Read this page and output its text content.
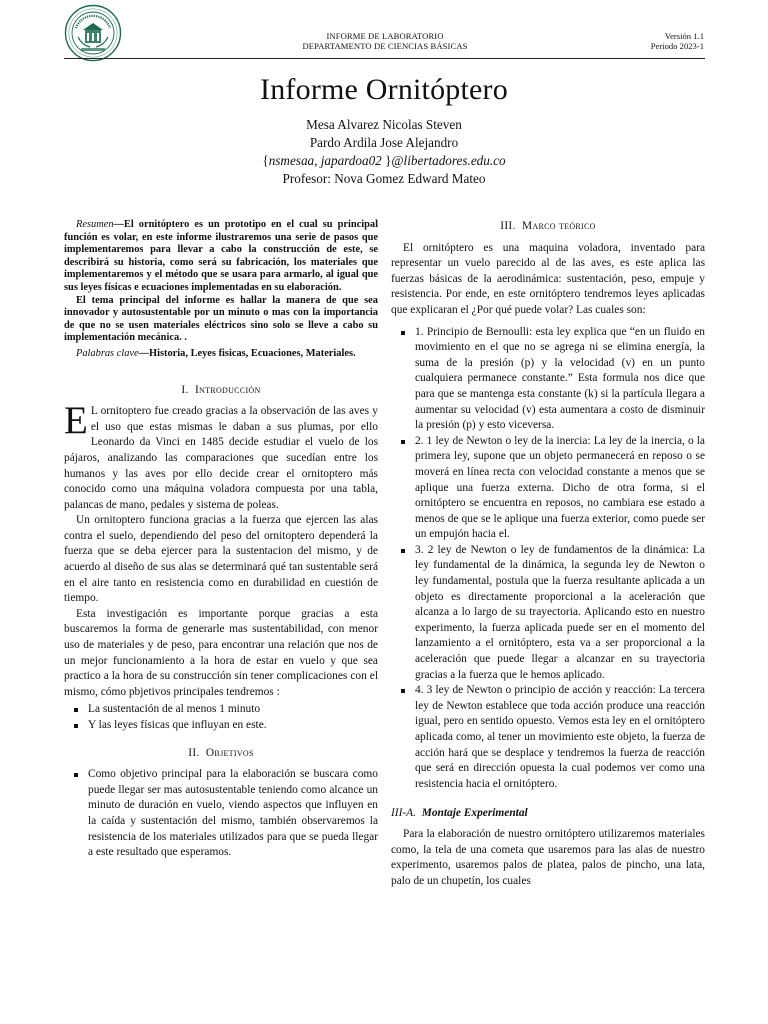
INFORME DE LABORATORIO
DEPARTAMENTO DE CIENCIAS BÁSICAS
Versión 1.1
Periodo 2023-1
Informe Ornitóptero
Mesa Alvarez Nicolas Steven
Pardo Ardila Jose Alejandro
{nsmesaa, japardoa02 }@libertadores.edu.co
Profesor: Nova Gomez Edward Mateo

Resumen—El ornitóptero es un prototipo en el cual su principal función es volar, en este informe ilustraremos una serie de pasos que implementaremos para llevar a cabo la construcción de este, se describirá su historia, como será su fabricación, los materiales que implementaremos y el método que se usara para armarlo, al igual que sus leyes físicas e ecuaciones implementadas en su elaboración.

El tema principal del informe es hallar la manera de que sea innovador y autosustentable por un minuto o mas con la importancia de que no se usen materiales eléctricos sino solo se lleve a cabo su implementación mecánica. .

Palabras clave—Historia, Leyes fisicas, Ecuaciones, Materiales.

I. Introducción

E L ornitoptero fue creado gracias a la observación de las aves y el uso que estas mismas le daban a sus plumas, por ello Leonardo da Vinci en 1485 decide estudiar el vuelo de los pájaros, analizando las comparaciones que sucedían entre los humanos y las aves por ello decide crear el ornitoptero más conocido como una máquina voladora compuesta por una tabla, palancas de mano, pedales y sistema de poleas.

Un ornitoptero funciona gracias a la fuerza que ejercen las alas contra el suelo, dependiendo del peso del ornitoptero dependerá la fuerza que se deba ejercer para la sustentacion del mismo, y de acuerdo al diseño de sus alas se determinará qué tan sustentable será en el aire tanto en resistencia como en durabilidad en cuestión de tiempo.

Esta investigación es importante porque gracias a esta buscaremos la forma de generarle mas sustentabilidad, con menor uso de materiales y de peso, para encontrar una relación que nos de un mejor funcionamiento a la hora de estar en vuelo y que sea practico a la hora de su construcción sin tener complicaciones con el mismo, cómo pbjetivos principales tendremos :

La sustentación de al menos 1 minuto
Y las leyes físicas que influyan en este.
II. Objetivos
Como objetivo principal para la elaboración se buscara como puede llegar ser mas autosustentable teniendo como alcance un minuto de duración en vuelo, viendo aspectos que influyen en la caída y sustentación del mismo, también observaremos la resistencia de los materiales utilizados para que se pueda llegar a este resultado que esperamos.
III. Marco teórico

El ornitóptero es una maquina voladora, inventado para representar un vuelo parecido al de las aves, es este aplica las fuerzas básicas de la aerodinámica: sustentación, peso, empuje y resistencia. Por ende, en este ornitóptero tendremos leyes aplicadas que explicaran el ¿Por qué puede volar? Las cuales son:

1. Principio de Bernoulli: esta ley explica que “en un fluido en movimiento en el que no se agrega ni se elimina energía, la suma de la presión (p) y la velocidad (v) en un punto cualquiera permanece constante.” Esta formula nos dice que para que se mantenga esta constante (k) si la partícula llegara a aumentar su velocidad (v) esta aumentara a costo de disminuir la presión (p) y esto viceversa.
2. 1 ley de Newton o ley de la inercia: La ley de la inercia, o la primera ley, supone que un objeto permanecerá en reposo o se moverá en línea recta con velocidad constante a menos que se aplique una fuerza externa. Dicho de otra forma, si el ornitóptero se encuentra en reposos, no cambiara ese estado a menos de que se le aplique una fuerza exterior, como puede ser un empujón hacia el.
3. 2 ley de Newton o ley de fundamentos de la dinámica: La ley fundamental de la dinámica, la segunda ley de Newton o ley fundamental, postula que la fuerza resultante aplicada a un objeto es directamente proporcional a la aceleración que alcanza a lo largo de su trayectoria. Aplicando esto en nuestro experimento, la fuerza aplicada puede ser en el momento del lanzamiento a el ornitóptero, esta va a ser proporcional a la aceleración que puede llegar a alcanzar en su trayectoria gracias a la fuerza que le hemos aplicado.
4. 3 ley de Newton o principio de acción y reacción: La tercera ley de Newton establece que toda acción produce una reacción igual, pero en sentido opuesto. Vemos esta ley en el ornitóptero aplicada como, al tener un movimiento este objeto, la fuerza de acción hará que se desplace y tendremos la fuerza de reacción que será en dirección opuesta la cual podemos ver como una resistencia hacia el ornitóptero.
III-A. Montaje Experimental

Para la elaboración de nuestro ornitóptero utilizaremos materiales como, la tela de una cometa que usaremos para las alas de nuestro experimento, usaremos palos de platea, palos de pincho, una lata, palo de un chupetín, los cuales
